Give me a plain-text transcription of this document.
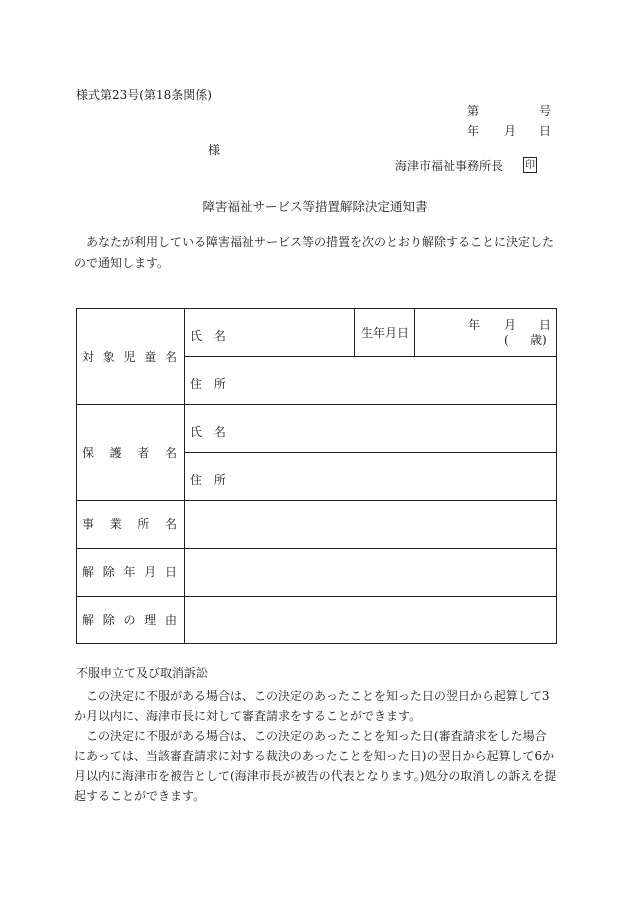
様式第23号(第18条関係)
第	号
年 月 日
様
海津市福祉事務所長 印
障害福祉サービス等措置解除決定通知書
あなたが利用している障害福祉サービス等の措置を次のとおり解除することに決定したので通知します。
対象児童名
氏 名	生年月日
年 月 日
( 歳)
住 所
保護者名
氏 名
住 所
事業所名
解除年月日
解除の理由
不服申立て及び取消訴訟

この決定に不服がある場合は、この決定のあったことを知った日の翌日から起算して3か月以内に、海津市長に対して審査請求をすることができます。

この決定に不服がある場合は、この決定のあったことを知った日(審査請求をした場合にあっては、当該審査請求に対する裁決のあったことを知った日)の翌日から起算して6か月以内に海津市を被告として(海津市長が被告の代表となります。)処分の取消しの訴えを提起することができます。
